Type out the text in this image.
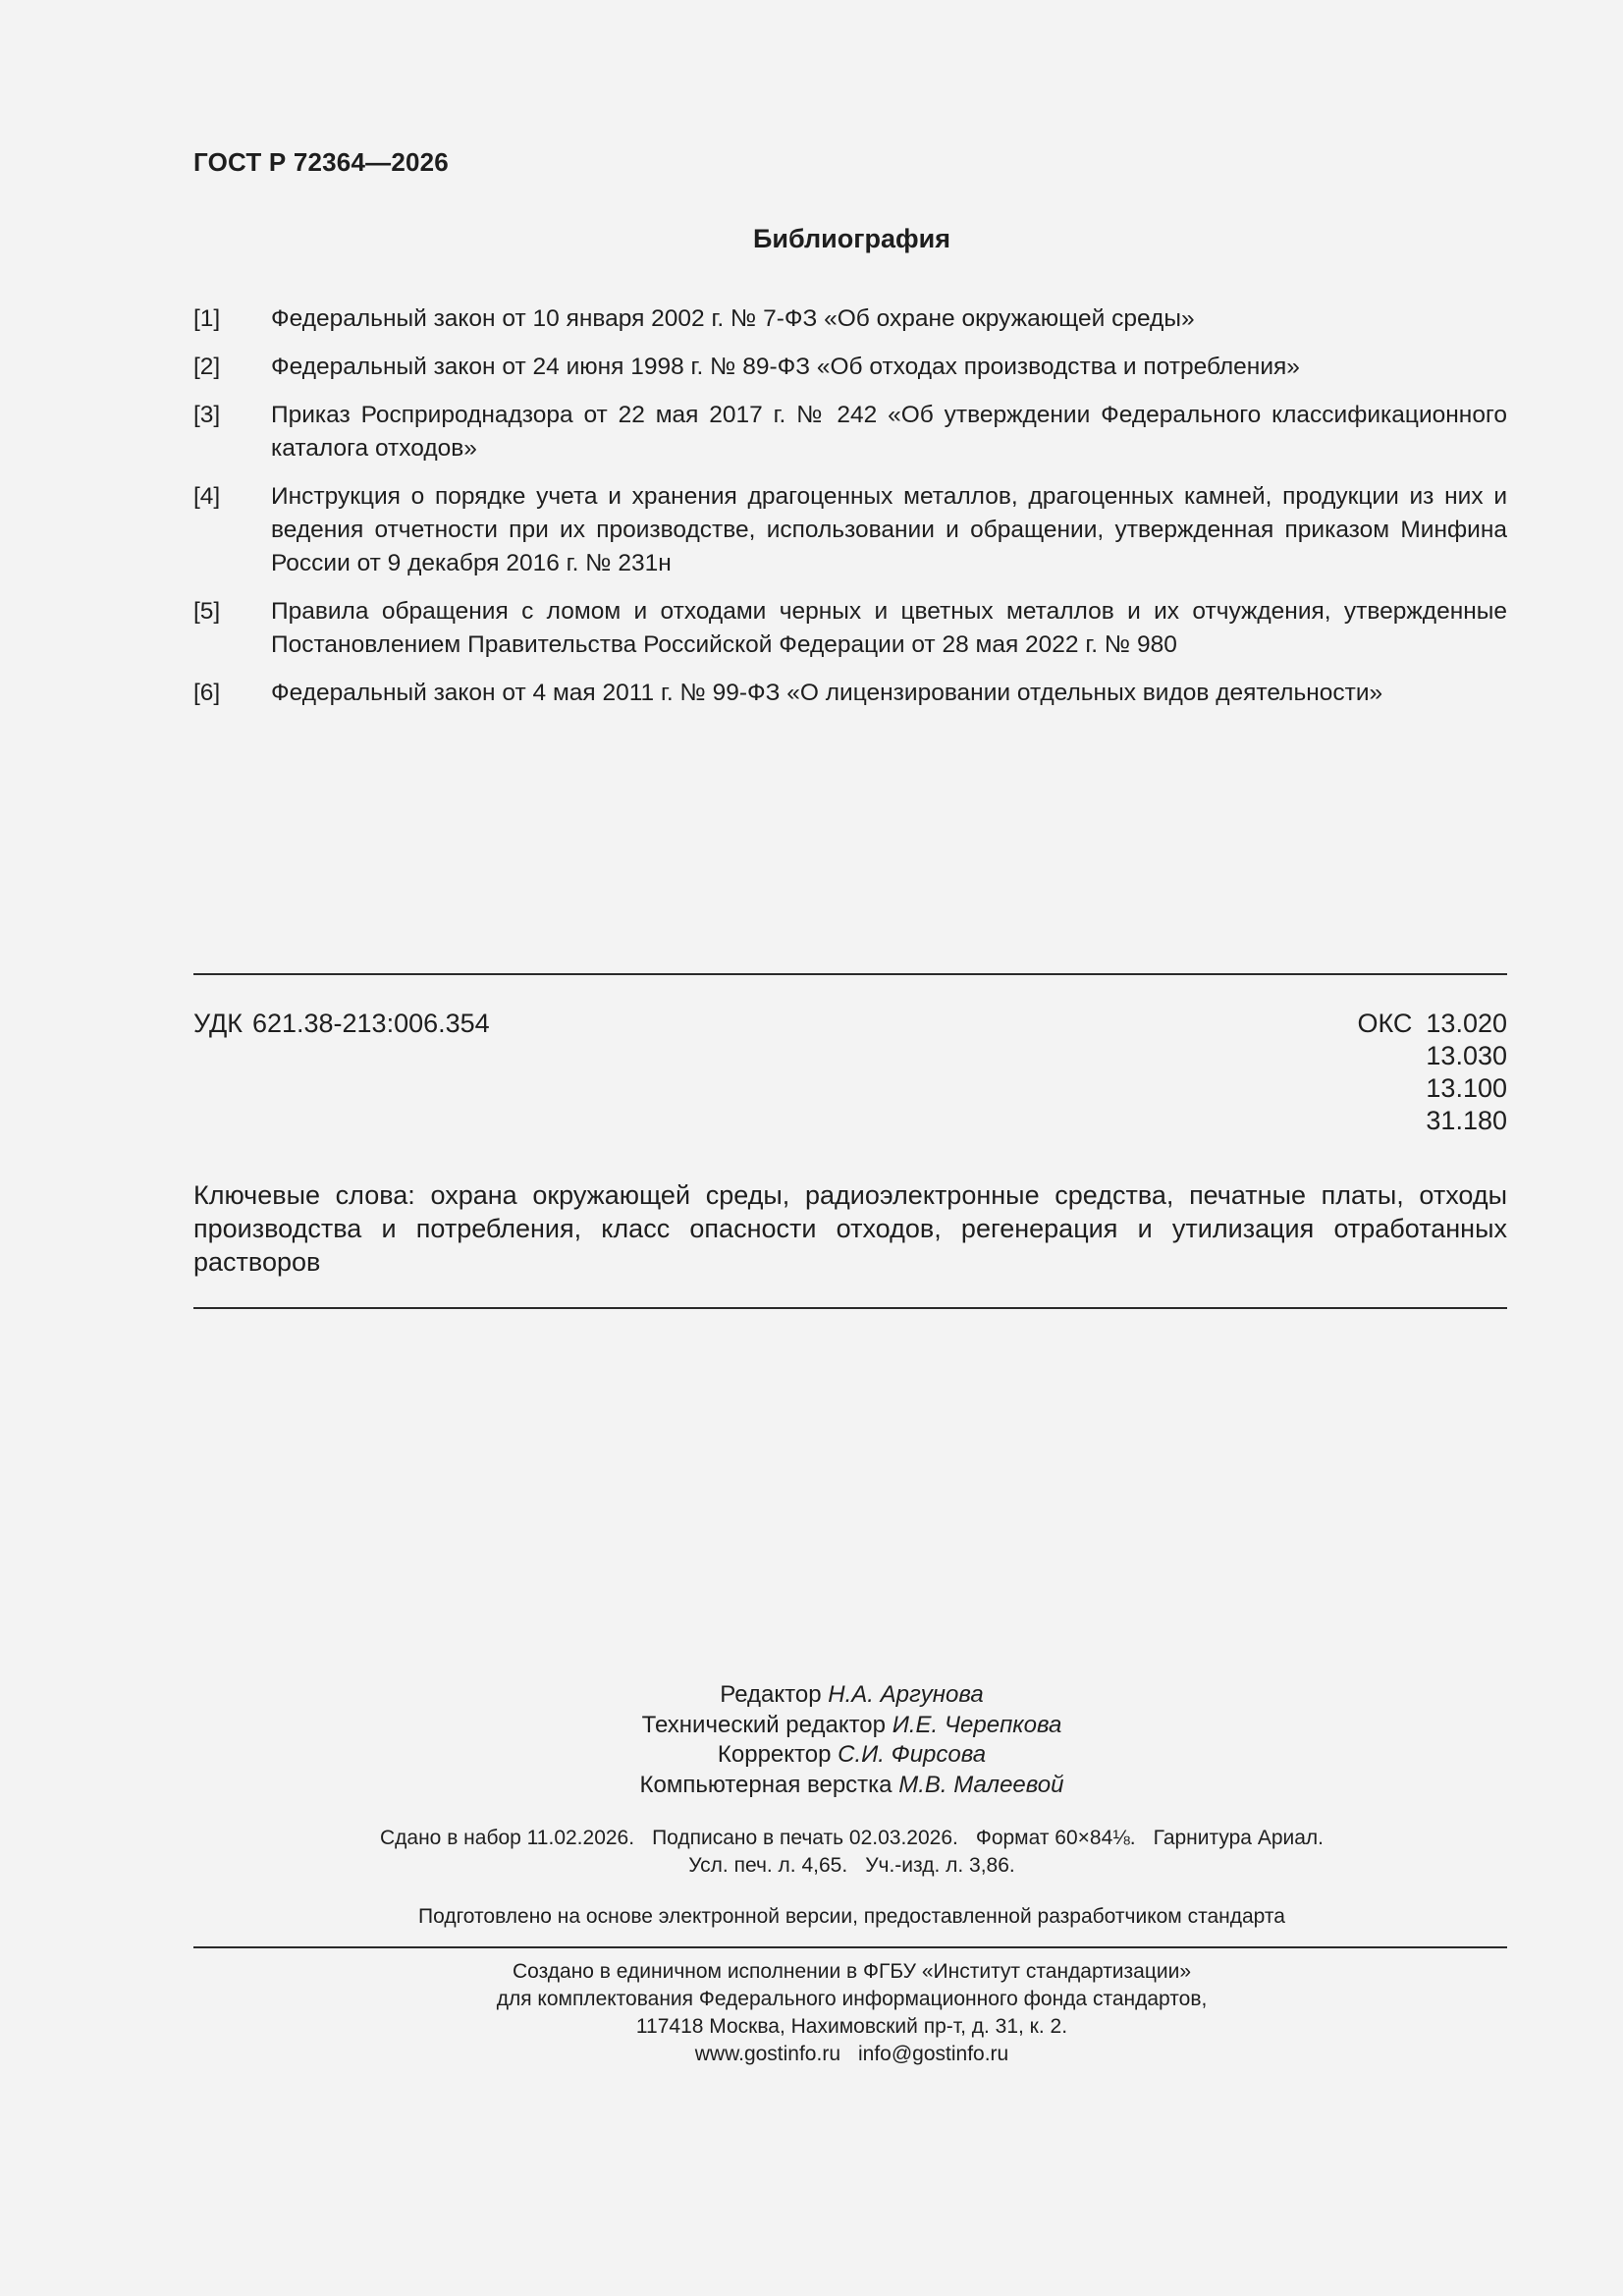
ГОСТ Р 72364—2026
Библиография
[1]	Федеральный закон от 10 января 2002 г. № 7-ФЗ «Об охране окружающей среды»
[2]	Федеральный закон от 24 июня 1998 г. № 89-ФЗ «Об отходах производства и потребления»
[3]	Приказ Росприроднадзора от 22 мая 2017 г. № 242 «Об утверждении Федерального классификационного каталога отходов»
[4]	Инструкция о порядке учета и хранения драгоценных металлов, драгоценных камней, продукции из них и ведения отчетности при их производстве, использовании и обращении, утвержденная приказом Минфина России от 9 декабря 2016 г. № 231н
[5]	Правила обращения с ломом и отходами черных и цветных металлов и их отчуждения, утвержденные Постановлением Правительства Российской Федерации от 28 мая 2022 г. № 980
[6]	Федеральный закон от 4 мая 2011 г. № 99-ФЗ «О лицензировании отдельных видов деятельности»
УДК 621.38-213:006.354	ОКС 13.020
13.030
13.100
31.180
Ключевые слова: охрана окружающей среды, радиоэлектронные средства, печатные платы, отходы производства и потребления, класс опасности отходов, регенерация и утилизация отработанных растворов
Редактор Н.А. Аргунова
Технический редактор И.Е. Черепкова
Корректор С.И. Фирсова
Компьютерная верстка М.В. Малеевой
Сдано в набор 11.02.2026. Подписано в печать 02.03.2026. Формат 60×84⅛. Гарнитура Ариал.
Усл. печ. л. 4,65. Уч.-изд. л. 3,86.
Подготовлено на основе электронной версии, предоставленной разработчиком стандарта
Создано в единичном исполнении в ФГБУ «Институт стандартизации»
для комплектования Федерального информационного фонда стандартов,
117418 Москва, Нахимовский пр-т, д. 31, к. 2.
www.gostinfo.ru info@gostinfo.ru
